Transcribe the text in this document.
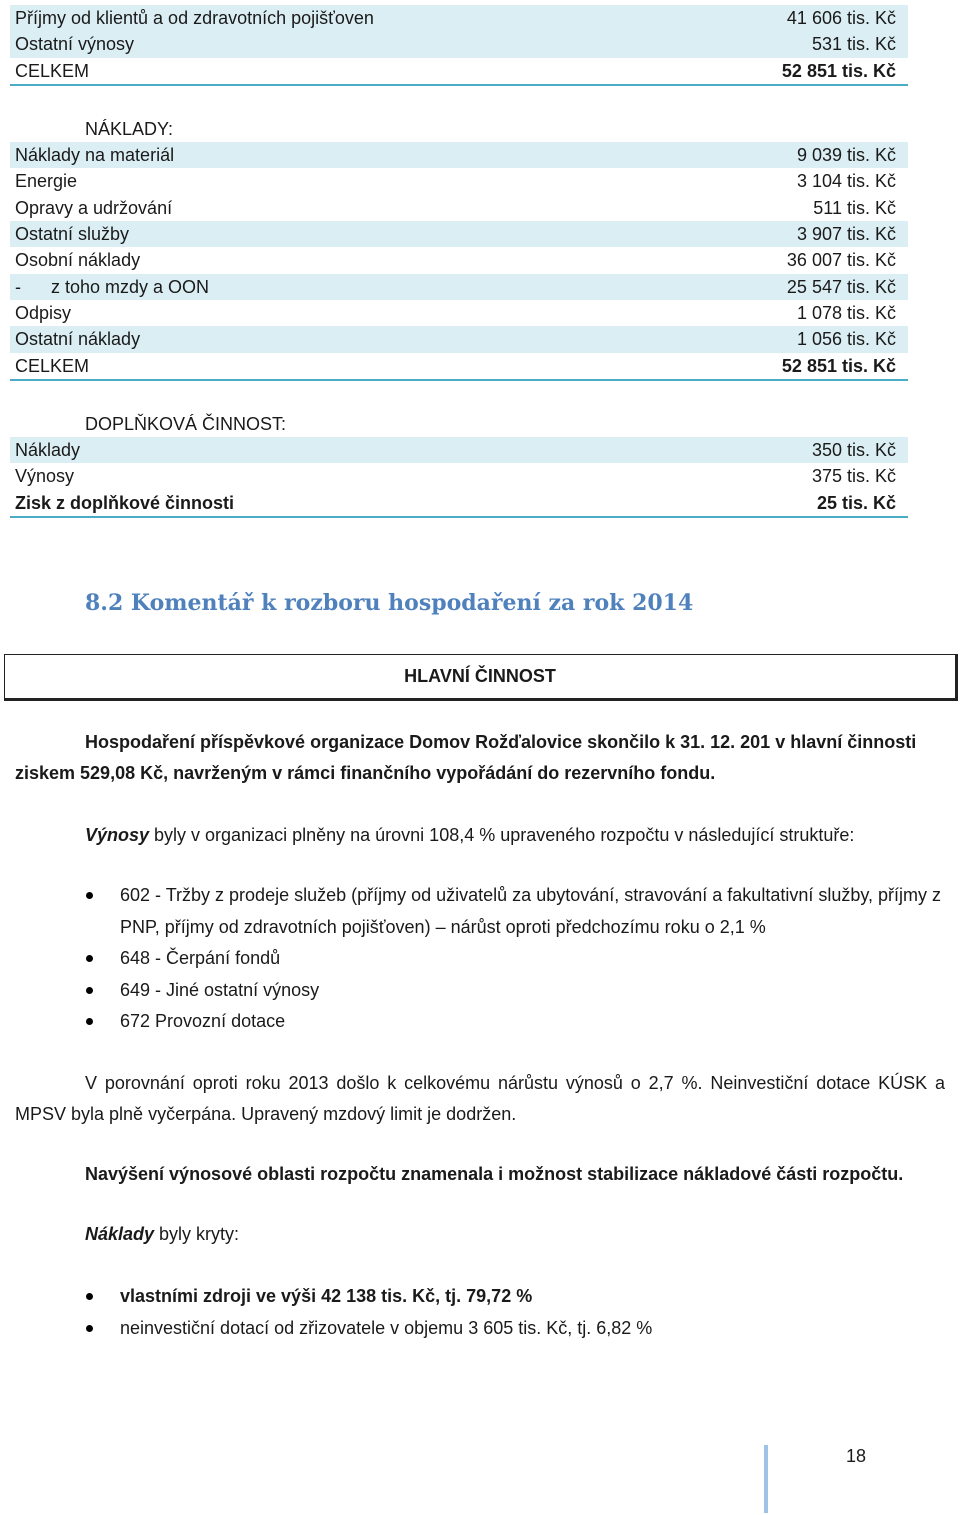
Příjmy od klientů a od zdravotních pojišťoven	41 606 tis. Kč
Ostatní výnosy	531 tis. Kč
CELKEM	52 851 tis. Kč
NÁKLADY:
Náklady na materiál	9 039 tis. Kč
Energie	3 104 tis. Kč
Opravy a udržování	511 tis. Kč
Ostatní služby	3 907 tis. Kč
Osobní náklady	36 007 tis. Kč
-      z toho mzdy a OON	25 547 tis. Kč
Odpisy	1 078 tis. Kč
Ostatní náklady	1 056 tis. Kč
CELKEM	52 851 tis. Kč
DOPLŇKOVÁ ČINNOST:
Náklady	350 tis. Kč
Výnosy	375 tis. Kč
Zisk z doplňkové činnosti	25 tis. Kč
8.2 Komentář k rozboru hospodaření za rok 2014
HLAVNÍ ČINNOST

Hospodaření příspěvkové organizace Domov Rožďalovice skončilo k 31. 12. 201 v hlavní činnosti ziskem 529,08 Kč, navrženým v rámci finančního vypořádání do rezervního fondu.

Výnosy byly v organizaci plněny na úrovni 108,4 % upraveného rozpočtu v následující struktuře:

602 - Tržby z prodeje služeb (příjmy od uživatelů za ubytování, stravování a fakultativní služby, příjmy z PNP, příjmy od zdravotních pojišťoven) – nárůst oproti předchozímu roku o 2,1 %
648 - Čerpání fondů
649 - Jiné ostatní výnosy
672 Provozní dotace

V porovnání oproti roku 2013 došlo k celkovému nárůstu výnosů o 2,7 %. Neinvestiční dotace KÚSK a MPSV byla plně vyčerpána. Upravený mzdový limit je dodržen.

Navýšení výnosové oblasti rozpočtu znamenala i možnost stabilizace nákladové části rozpočtu.

Náklady byly kryty:

vlastními zdroji ve výši 42 138 tis. Kč, tj. 79,72 %
neinvestiční dotací od zřizovatele v objemu 3 605 tis. Kč, tj. 6,82 %
18
